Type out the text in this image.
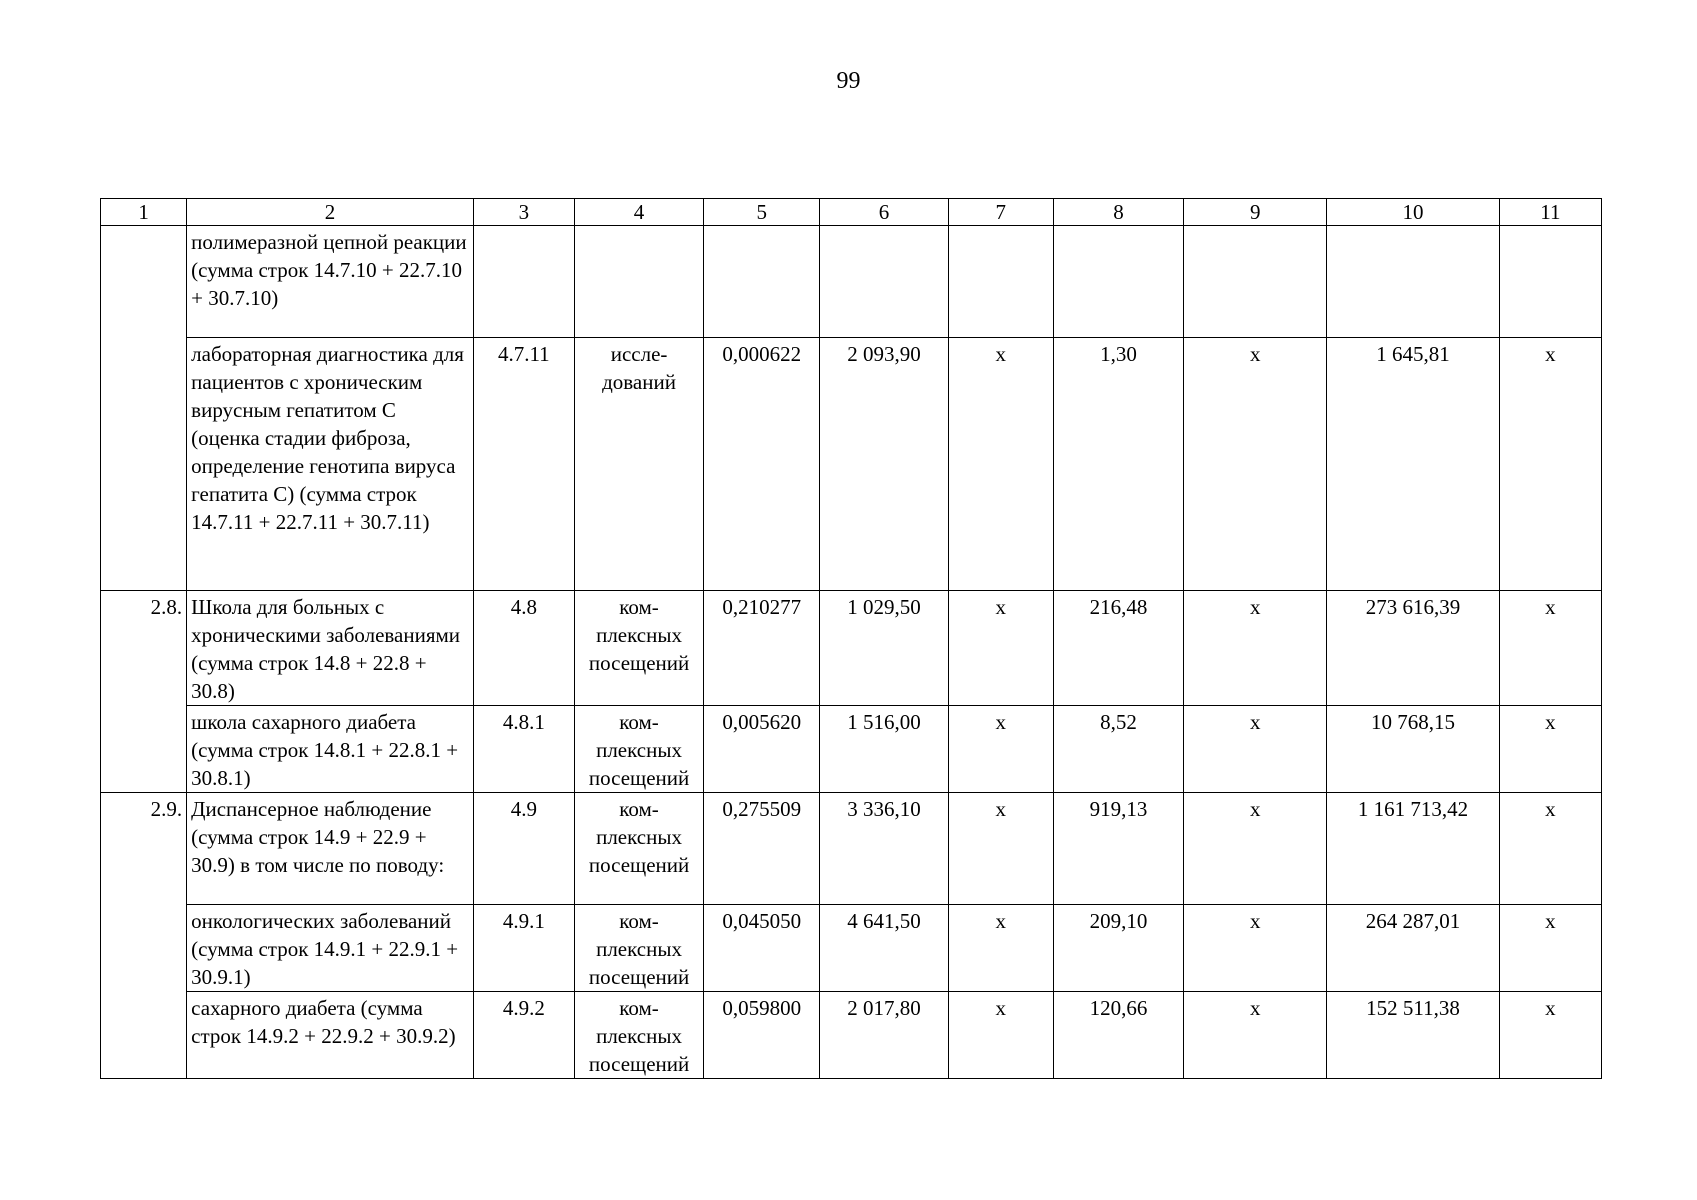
99
1	2	3	4	5	6	7	8	9	10	11
	полимеразной цепной реакции (сумма строк 14.7.10 + 22.7.10 + 30.7.10)									
	лабораторная диагностика для пациентов с хроническим вирусным гепатитом С (оценка стадии фиброза, определение генотипа вируса гепатита С) (сумма строк 14.7.11 + 22.7.11 + 30.7.11)	4.7.11	иссле-дований	0,000622	2 093,90	х	1,30	х	1 645,81	х
2.8.	Школа для больных с хроническими заболеваниями (сумма строк 14.8 + 22.8 + 30.8)	4.8	ком-плексных посещений	0,210277	1 029,50	х	216,48	х	273 616,39	х
	школа сахарного диабета (сумма строк 14.8.1 + 22.8.1 + 30.8.1)	4.8.1	ком-плексных посещений	0,005620	1 516,00	х	8,52	х	10 768,15	х
2.9.	Диспансерное наблюдение (сумма строк 14.9 + 22.9 + 30.9) в том числе по поводу:	4.9	ком-плексных посещений	0,275509	3 336,10	х	919,13	х	1 161 713,42	х
	онкологических заболеваний (сумма строк 14.9.1 + 22.9.1 + 30.9.1)	4.9.1	ком-плексных посещений	0,045050	4 641,50	х	209,10	х	264 287,01	х
	сахарного диабета (сумма строк 14.9.2 + 22.9.2 + 30.9.2)	4.9.2	ком-плексных посещений	0,059800	2 017,80	х	120,66	х	152 511,38	х
